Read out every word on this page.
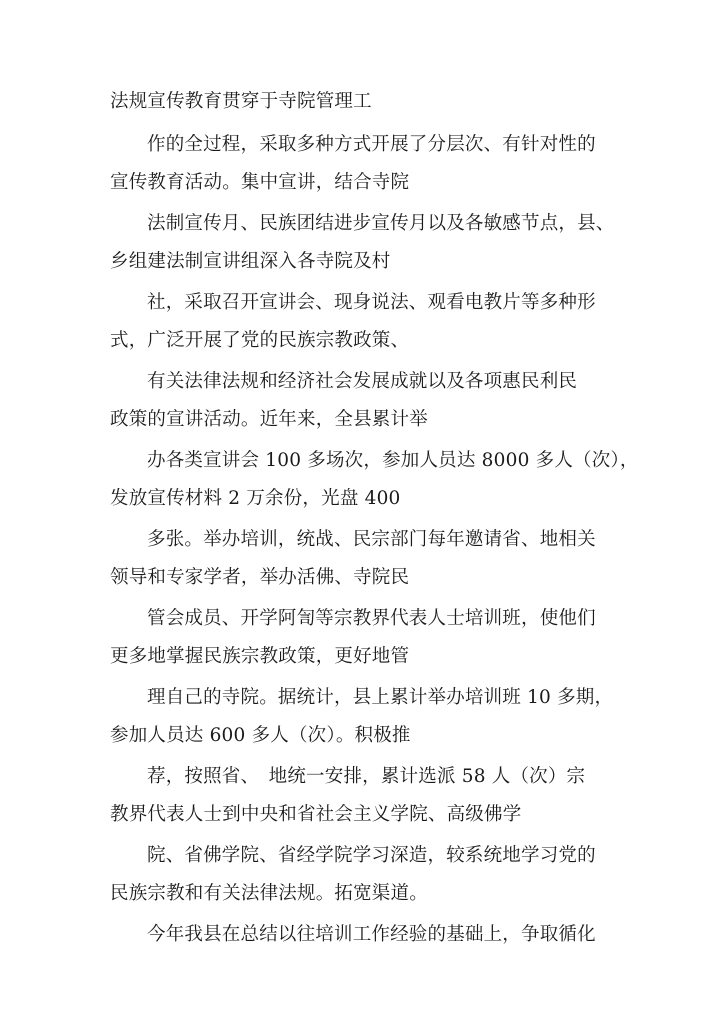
法规宣传教育贯穿于寺院管理工
作的全过程，采取多种方式开展了分层次、有针对性的
宣传教育活动。集中宣讲，结合寺院
法制宣传月、民族团结进步宣传月以及各敏感节点，县、
乡组建法制宣讲组深入各寺院及村
社，采取召开宣讲会、现身说法、观看电教片等多种形
式，广泛开展了党的民族宗教政策、
有关法律法规和经济社会发展成就以及各项惠民利民
政策的宣讲活动。近年来，全县累计举
办各类宣讲会 100 多场次，参加人员达 8000 多人（次），
发放宣传材料 2 万余份，光盘 400
多张。举办培训，统战、民宗部门每年邀请省、地相关
领导和专家学者，举办活佛、寺院民
管会成员、开学阿訇等宗教界代表人士培训班，使他们
更多地掌握民族宗教政策，更好地管
理自己的寺院。据统计，县上累计举办培训班 10 多期，
参加人员达 600 多人（次）。积极推
荐，按照省、　地统一安排，累计选派 58 人（次）宗
教界代表人士到中央和省社会主义学院、高级佛学
院、省佛学院、省经学院学习深造，较系统地学习党的
民族宗教和有关法律法规。拓宽渠道。
今年我县在总结以往培训工作经验的基础上，争取循化
